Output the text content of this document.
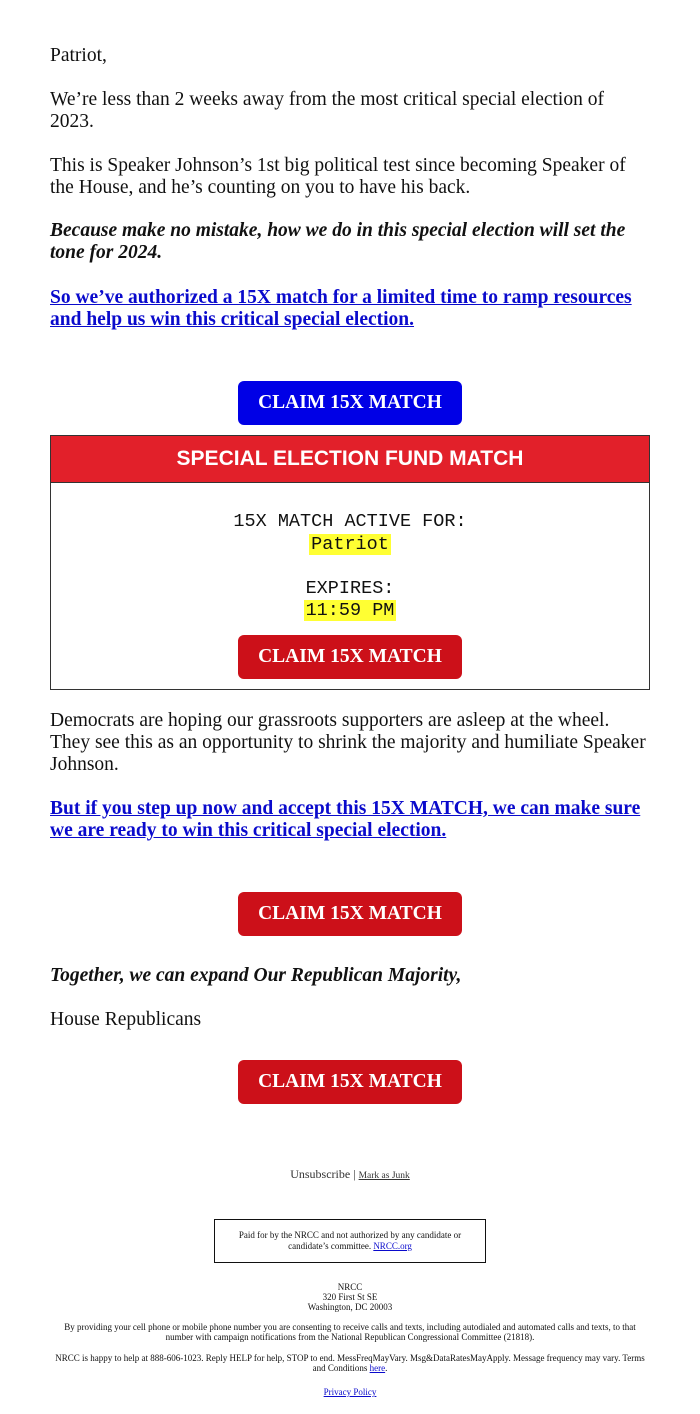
Patriot,

We’re less than 2 weeks away from the most critical special election of 2023.

This is Speaker Johnson’s 1st big political test since becoming Speaker of the House, and he’s counting on you to have his back.

Because make no mistake, how we do in this special election will set the tone for 2024.

So we’ve authorized a 15X match for a limited time to ramp resources and help us win this critical special election.

CLAIM 15X MATCH
SPECIAL ELECTION FUND MATCH
15X MATCH ACTIVE FOR:
Patriot
EXPIRES:
11:59 PM
CLAIM 15X MATCH

Democrats are hoping our grassroots supporters are asleep at the wheel. They see this as an opportunity to shrink the majority and humiliate Speaker Johnson.

But if you step up now and accept this 15X MATCH, we can make sure we are ready to win this critical special election.

CLAIM 15X MATCH

Together, we can expand Our Republican Majority,

House Republicans

CLAIM 15X MATCH
Unsubscribe | Mark as Junk
Paid for by the NRCC and not authorized by any candidate or candidate’s committee. NRCC.org
NRCC
320 First St SE
Washington, DC 20003
By providing your cell phone or mobile phone number you are consenting to receive calls and texts, including autodialed and automated calls and texts, to that number with campaign notifications from the National Republican Congressional Committee (21818).
NRCC is happy to help at 888-606-1023. Reply HELP for help, STOP to end. MessFreqMayVary. Msg&DataRatesMayApply. Message frequency may vary. Terms and Conditions here.
Privacy Policy
